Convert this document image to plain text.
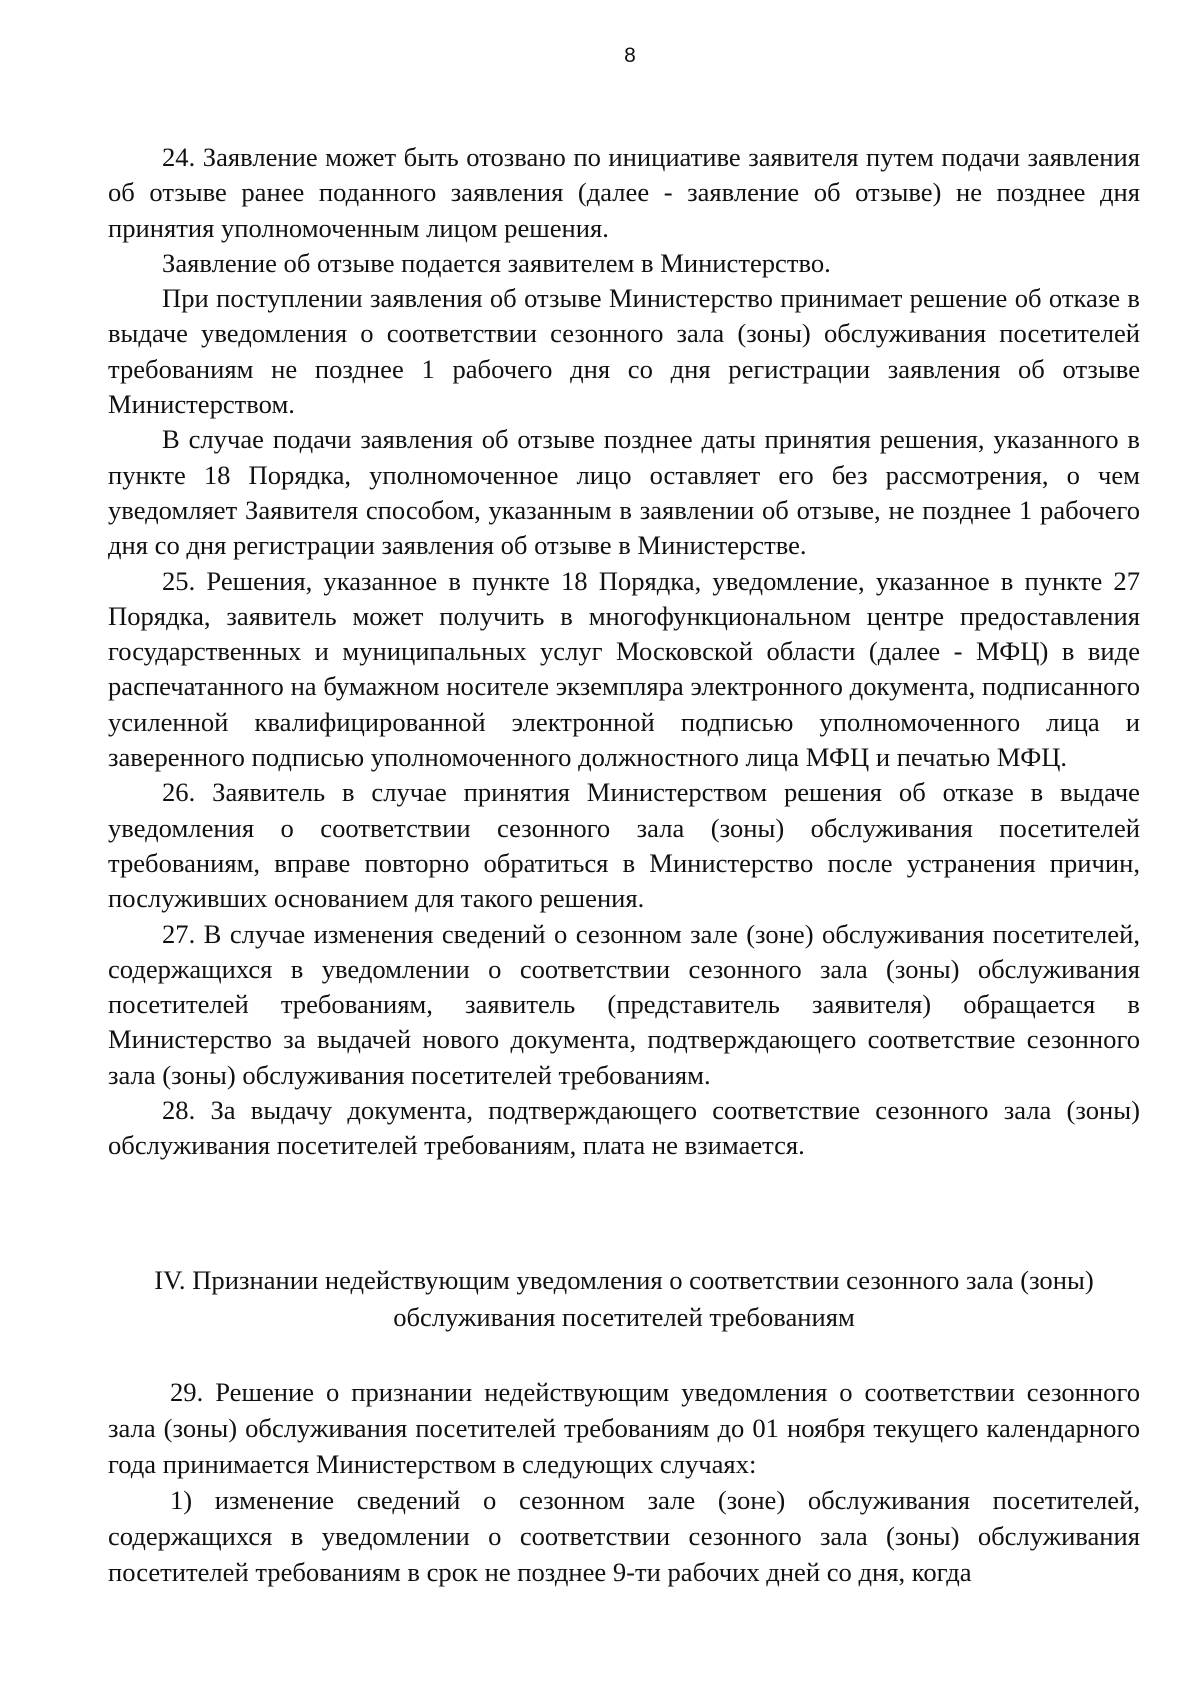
8

24. Заявление может быть отозвано по инициативе заявителя путем подачи заявления об отзыве ранее поданного заявления (далее - заявление об отзыве) не позднее дня принятия уполномоченным лицом решения.

Заявление об отзыве подается заявителем в Министерство.

При поступлении заявления об отзыве Министерство принимает решение об отказе в выдаче уведомления о соответствии сезонного зала (зоны) обслуживания посетителей требованиям не позднее 1 рабочего дня со дня регистрации заявления об отзыве Министерством.

В случае подачи заявления об отзыве позднее даты принятия решения, указанного в пункте 18 Порядка, уполномоченное лицо оставляет его без рассмотрения, о чем уведомляет Заявителя способом, указанным в заявлении об отзыве, не позднее 1 рабочего дня со дня регистрации заявления об отзыве в Министерстве.

25. Решения, указанное в пункте 18 Порядка, уведомление, указанное в пункте 27 Порядка, заявитель может получить в многофункциональном центре предоставления государственных и муниципальных услуг Московской области (далее - МФЦ) в виде распечатанного на бумажном носителе экземпляра электронного документа, подписанного усиленной квалифицированной электронной подписью уполномоченного лица и заверенного подписью уполномоченного должностного лица МФЦ и печатью МФЦ.

26. Заявитель в случае принятия Министерством решения об отказе в выдаче уведомления о соответствии сезонного зала (зоны) обслуживания посетителей требованиям, вправе повторно обратиться в Министерство после устранения причин, послуживших основанием для такого решения.

27. В случае изменения сведений о сезонном зале (зоне) обслуживания посетителей, содержащихся в уведомлении о соответствии сезонного зала (зоны) обслуживания посетителей требованиям, заявитель (представитель заявителя) обращается в Министерство за выдачей нового документа, подтверждающего соответствие сезонного зала (зоны) обслуживания посетителей требованиям.

28. За выдачу документа, подтверждающего соответствие сезонного зала (зоны) обслуживания посетителей требованиям, плата не взимается.

IV. Признании недействующим уведомления о соответствии сезонного зала (зоны)
обслуживания посетителей требованиям

29. Решение о признании недействующим уведомления о соответствии сезонного зала (зоны) обслуживания посетителей требованиям до 01 ноября текущего календарного года принимается Министерством в следующих случаях:

1) изменение сведений о сезонном зале (зоне) обслуживания посетителей, содержащихся в уведомлении о соответствии сезонного зала (зоны) обслуживания посетителей требованиям в срок не позднее 9-ти рабочих дней со дня, когда
